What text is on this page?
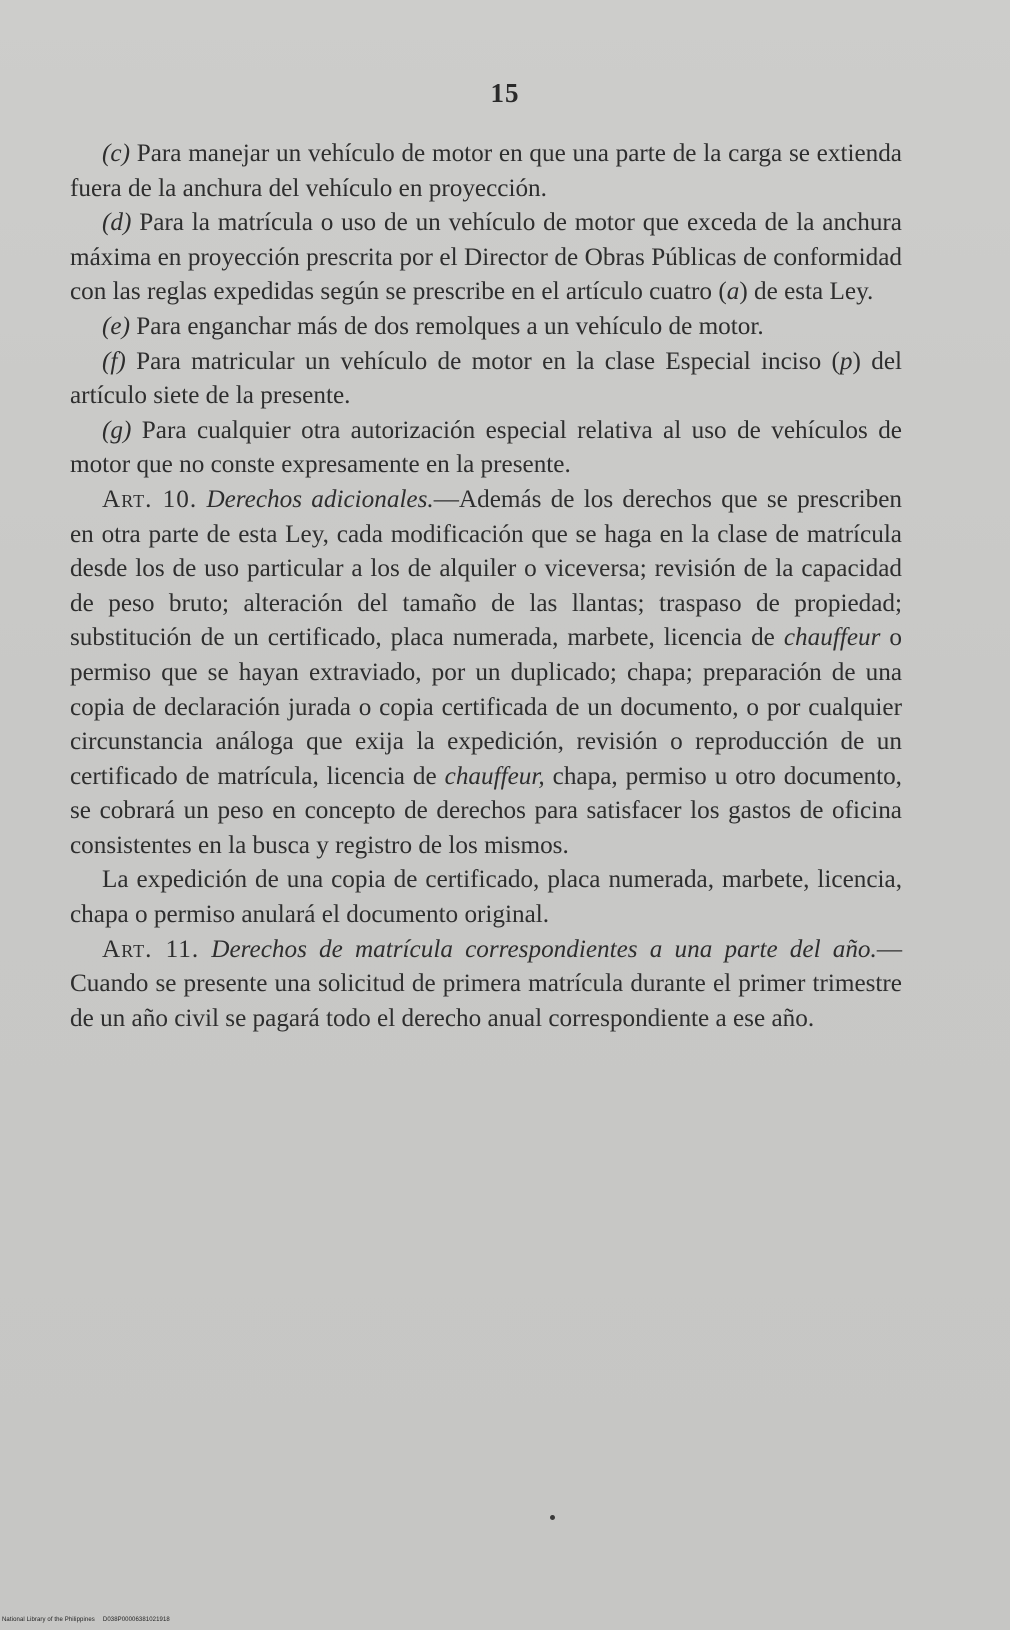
15

(c) Para manejar un vehículo de motor en que una parte de la carga se extienda fuera de la anchura del vehículo en proyección.

(d) Para la matrícula o uso de un vehículo de motor que exceda de la anchura máxima en proyección prescrita por el Director de Obras Públicas de conformidad con las reglas expedidas según se prescribe en el artículo cuatro (a) de esta Ley.

(e) Para enganchar más de dos remolques a un vehículo de motor.

(f) Para matricular un vehículo de motor en la clase Especial inciso (p) del artículo siete de la presente.

(g) Para cualquier otra autorización especial relativa al uso de vehículos de motor que no conste expresamente en la presente.

Art. 10. Derechos adicionales.—Además de los derechos que se prescriben en otra parte de esta Ley, cada modificación que se haga en la clase de matrícula desde los de uso particular a los de alquiler o viceversa; revisión de la capacidad de peso bruto; alteración del tamaño de las llantas; traspaso de propiedad; substitución de un certificado, placa numerada, marbete, licencia de chauffeur o permiso que se hayan extraviado, por un duplicado; chapa; preparación de una copia de declaración jurada o copia certificada de un documento, o por cualquier circunstancia análoga que exija la expedición, revisión o reproducción de un certificado de matrícula, licencia de chauffeur, chapa, permiso u otro documento, se cobrará un peso en concepto de derechos para satisfacer los gastos de oficina consistentes en la busca y registro de los mismos.

La expedición de una copia de certificado, placa numerada, marbete, licencia, chapa o permiso anulará el documento original.

Art. 11. Derechos de matrícula correspondientes a una parte del año.—Cuando se presente una solicitud de primera matrícula durante el primer trimestre de un año civil se pagará todo el derecho anual correspondiente a ese año.

National Library of the Philippines D038P00006381021918
